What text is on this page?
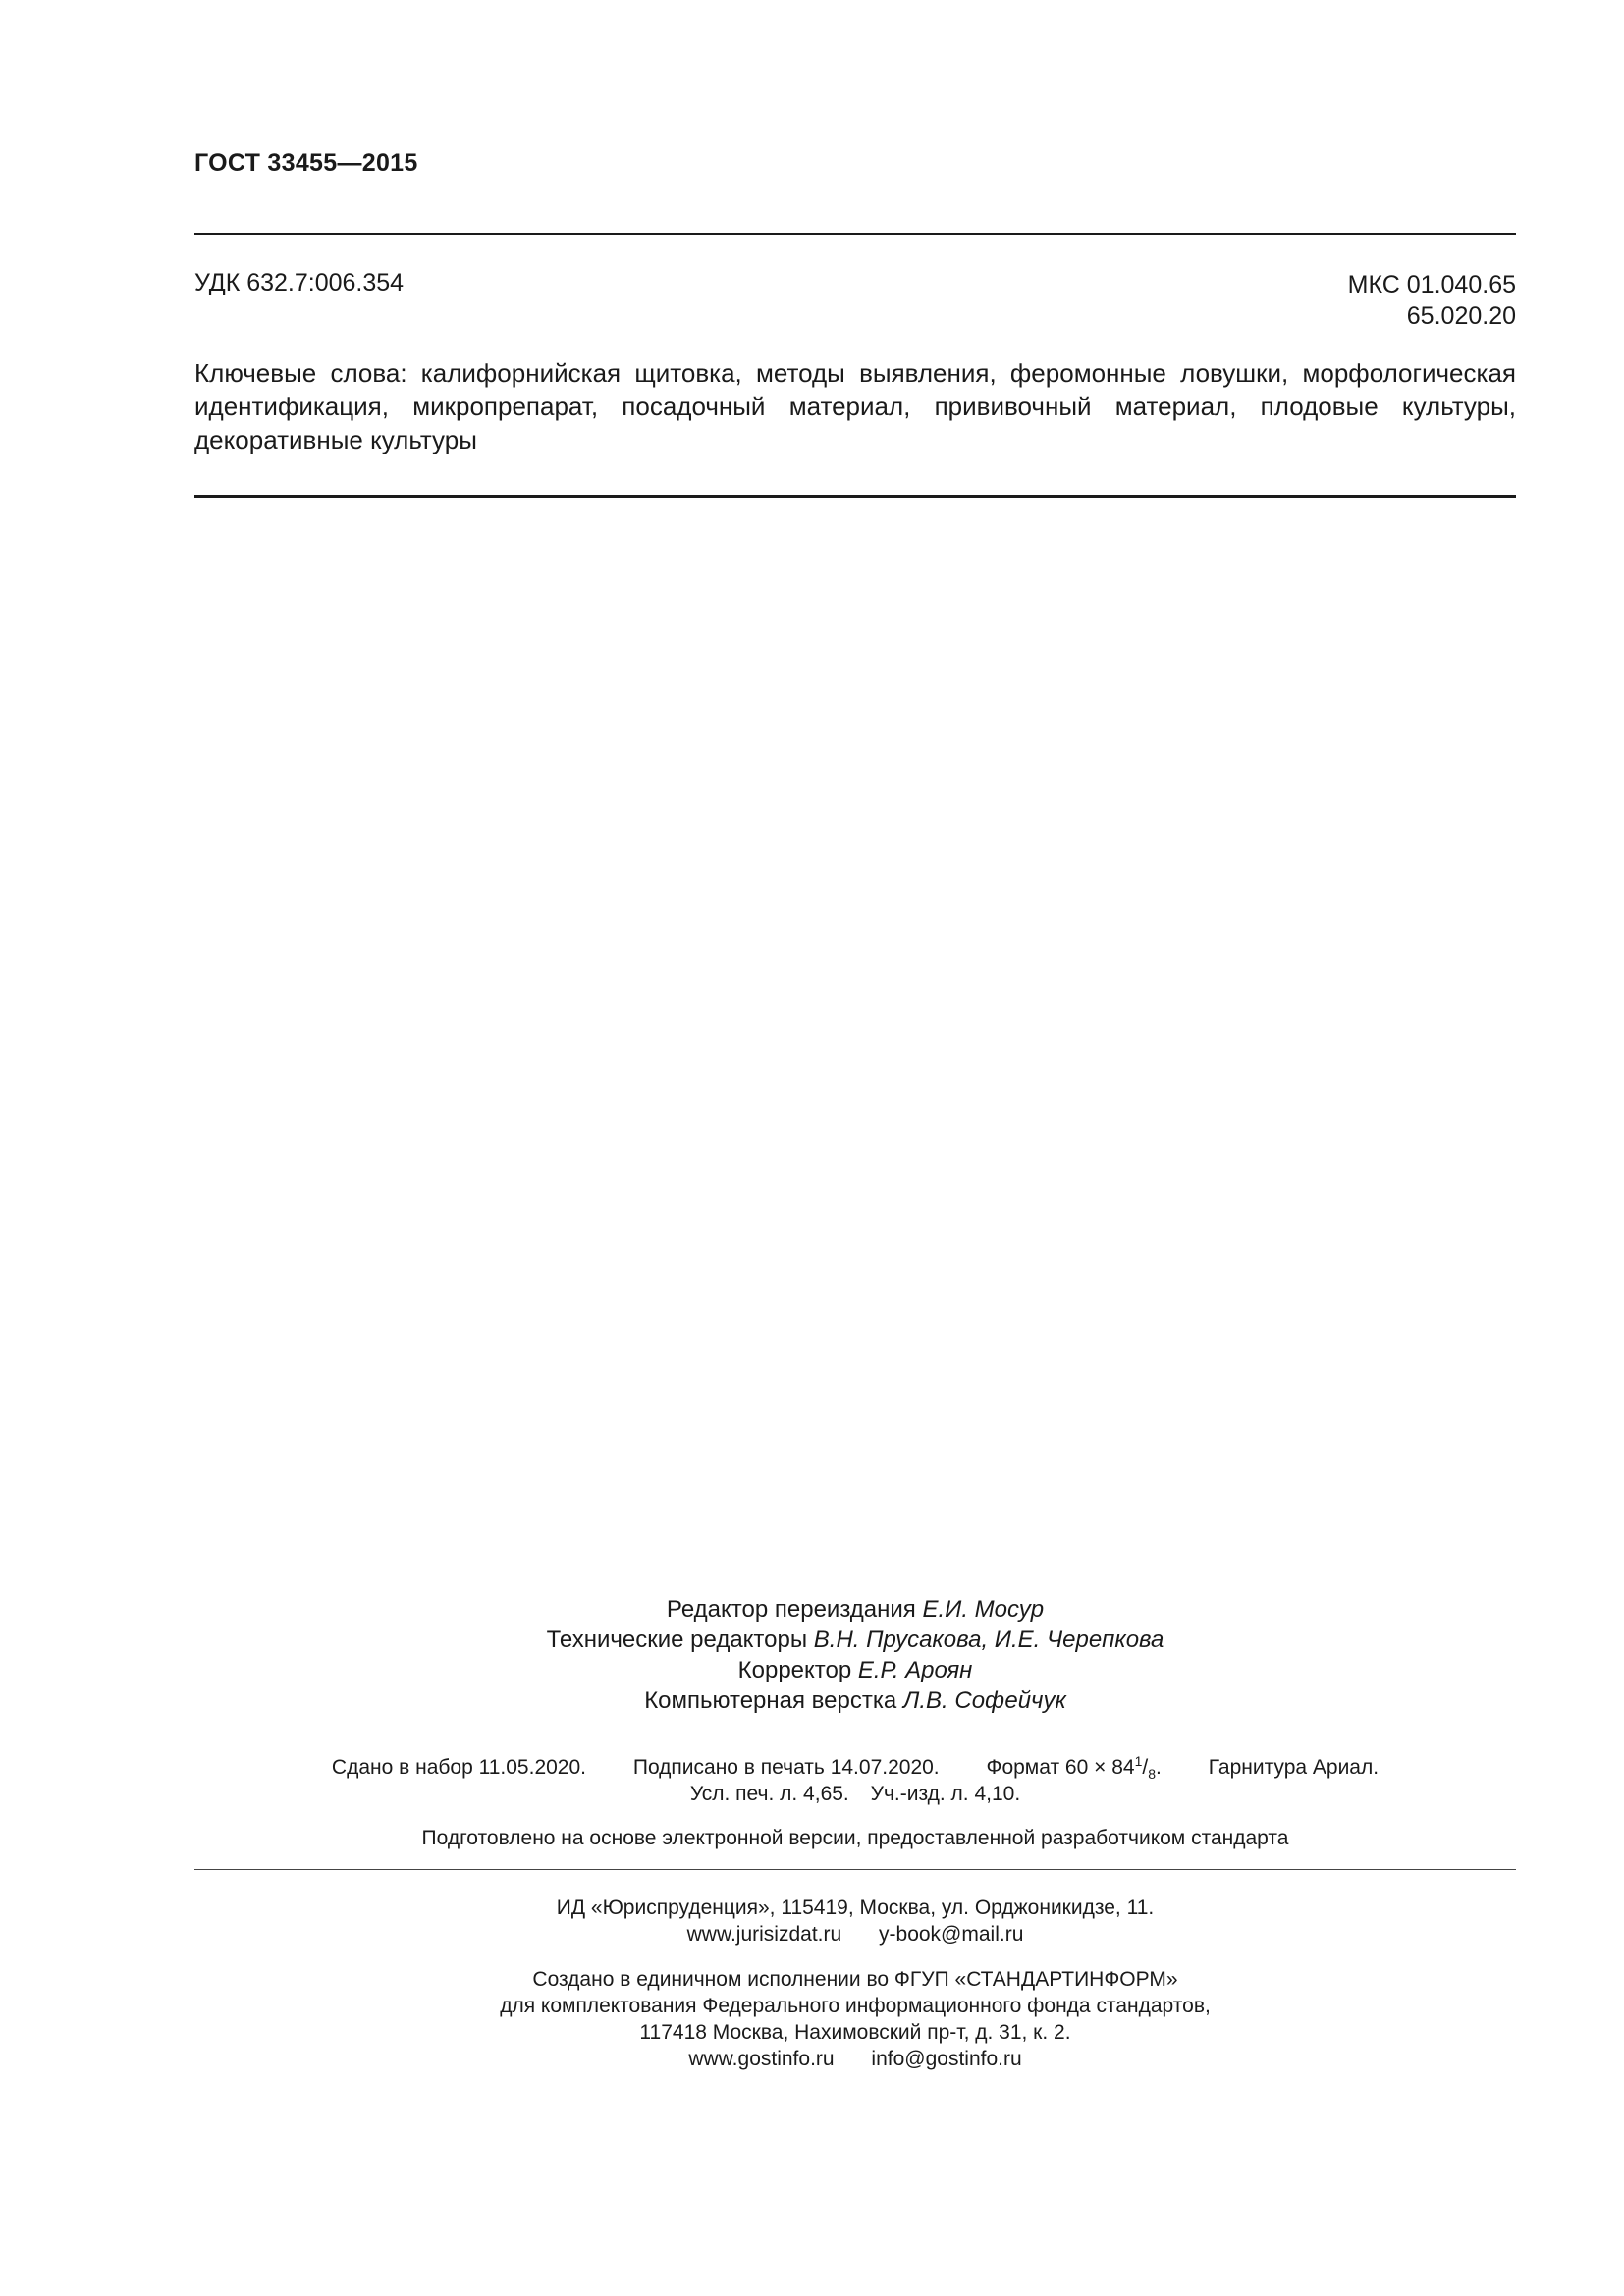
ГОСТ 33455—2015
УДК 632.7:006.354	МКС 01.040.65
65.020.20
Ключевые слова: калифорнийская щитовка, методы выявления, феромонные ловушки, морфологическая идентификация, микропрепарат, посадочный материал, прививочный материал, плодовые культуры, декоративные культуры
Редактор переиздания Е.И. Мосур
Технические редакторы В.Н. Прусакова, И.Е. Черепкова
Корректор Е.Р. Ароян
Компьютерная верстка Л.В. Софейчук
Сдано в набор 11.05.2020. Подписано в печать 14.07.2020. Формат $60 \times 84^1/_8$. Гарнитура Ариал.
Усл. печ. л. 4,65. Уч.-изд. л. 4,10.
Подготовлено на основе электронной версии, предоставленной разработчиком стандарта
ИД «Юриспруденция», 115419, Москва, ул. Орджоникидзе, 11.
www.jurisizdat.ru y-book@mail.ru
Создано в единичном исполнении во ФГУП «СТАНДАРТИНФОРМ»
для комплектования Федерального информационного фонда стандартов,
117418 Москва, Нахимовский пр-т, д. 31, к. 2.
www.gostinfo.ru info@gostinfo.ru
